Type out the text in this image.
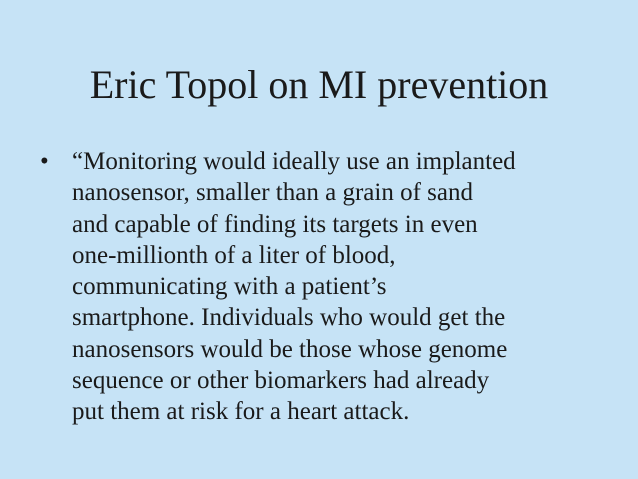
Eric Topol on MI prevention
• “Monitoring would ideally use an implanted
nanosensor, smaller than a grain of sand
and capable of finding its targets in even
one-millionth of a liter of blood,
communicating with a patient’s
smartphone. Individuals who would get the
nanosensors would be those whose genome
sequence or other biomarkers had already
put them at risk for a heart attack.
